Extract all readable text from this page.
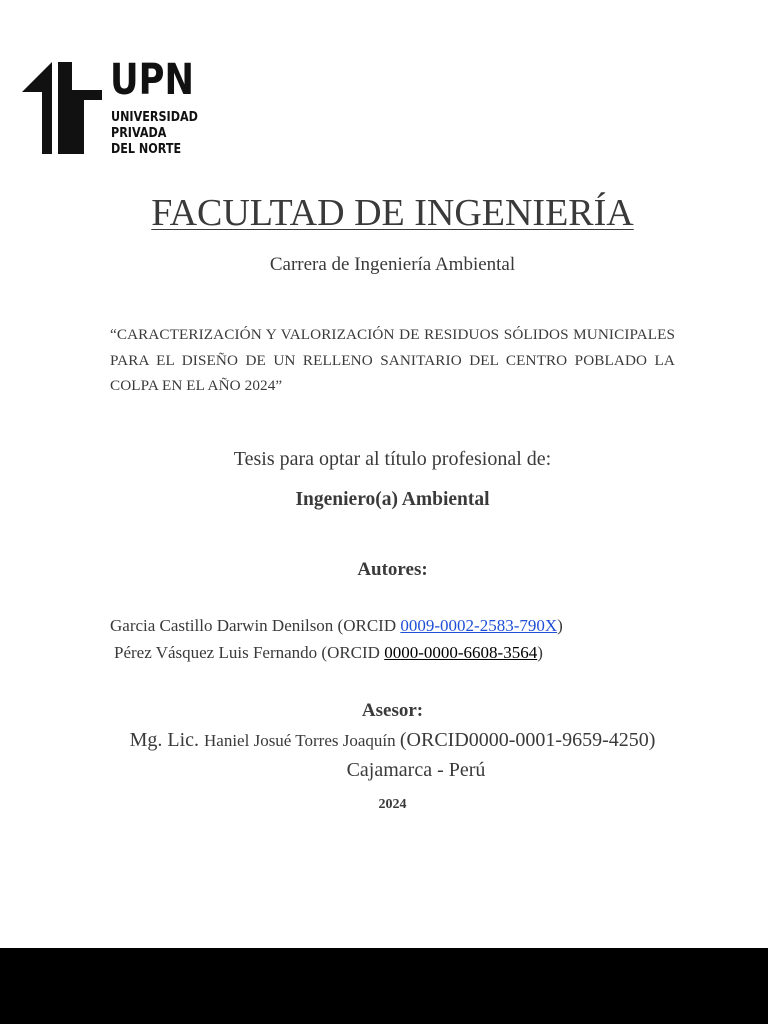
UPN
UNIVERSIDAD
PRIVADA
DEL NORTE
FACULTAD DE INGENIERÍA
Carrera de Ingeniería Ambiental
“CARACTERIZACIÓN Y VALORIZACIÓN DE RESIDUOS SÓLIDOS MUNICIPALES PARA EL DISEÑO DE UN RELLENO SANITARIO DEL CENTRO POBLADO LA COLPA EN EL AÑO 2024”
Tesis para optar al título profesional de:
Ingeniero(a) Ambiental
Autores:
Garcia Castillo Darwin Denilson (ORCID 0009-0002-2583-790X)
Pérez Vásquez Luis Fernando (ORCID 0000-0000-6608-3564)
Asesor:
Mg. Lic. Haniel Josué Torres Joaquín (ORCID0000-0001-9659-4250)
Cajamarca - Perú
2024
